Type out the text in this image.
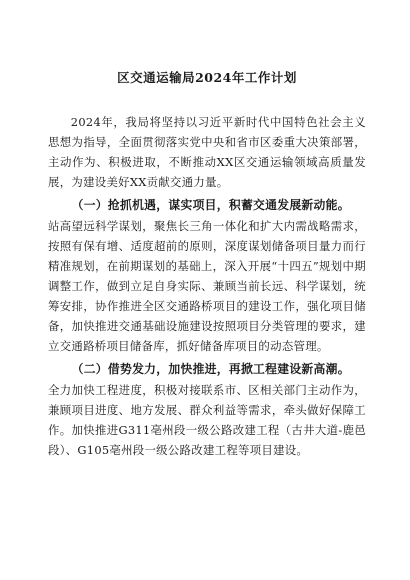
区交通运输局2024年工作计划

2024年，我局将坚持以习近平新时代中国特色社会主义思想为指导，全面贯彻落实党中央和省市区委重大决策部署，主动作为、积极进取，不断推动XX区交通运输领域高质量发展，为建设美好XX贡献交通力量。

（一）抢抓机遇，谋实项目，积蓄交通发展新动能。

站高望远科学谋划，聚焦长三角一体化和扩大内需战略需求，按照有保有增、适度超前的原则，深度谋划储备项目量力而行精准规划，在前期谋划的基础上，深入开展“十四五”规划中期调整工作，做到立足自身实际、兼顾当前长远、科学谋划，统筹安排，协作推进全区交通路桥项目的建设工作，强化项目储备，加快推进交通基础设施建设按照项目分类管理的要求，建立交通路桥项目储备库，抓好储备库项目的动态管理。

（二）借势发力，加快推进，再掀工程建设新高潮。

全力加快工程进度，积极对接联系市、区相关部门主动作为，兼顾项目进度、地方发展、群众利益等需求，牵头做好保障工作。加快推进G311亳州段一级公路改建工程（古井大道-鹿邑段）、G105亳州段一级公路改建工程等项目建设。
